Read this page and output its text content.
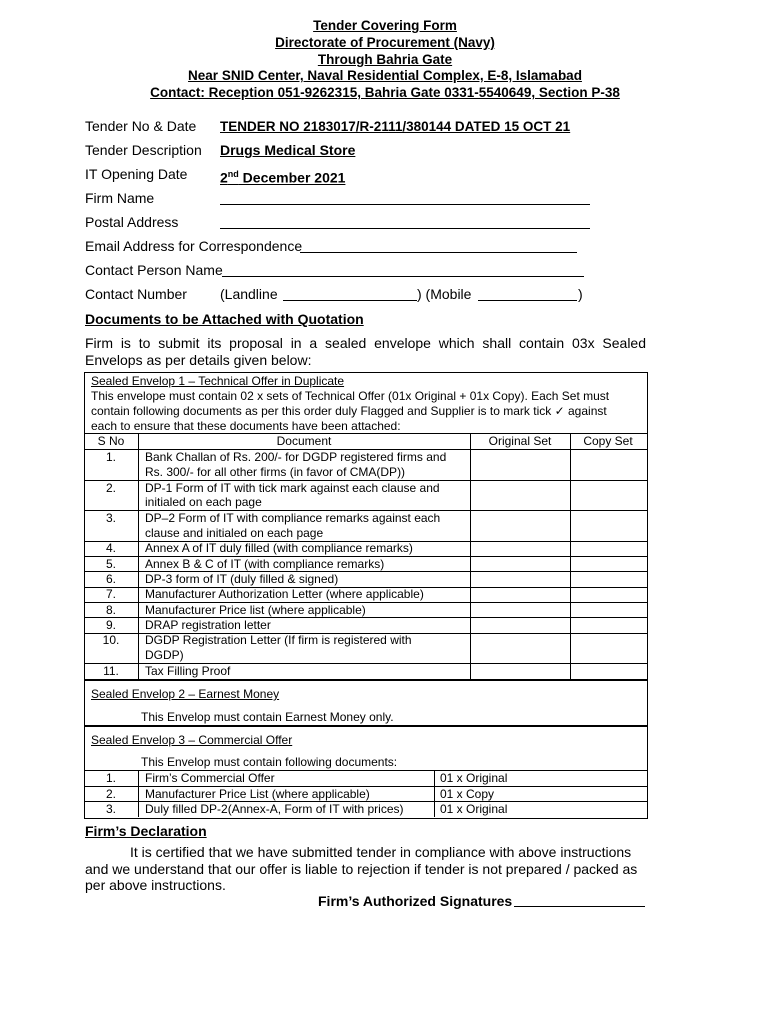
Tender Covering Form
Directorate of Procurement (Navy)
Through Bahria Gate
Near SNID Center, Naval Residential Complex, E-8, Islamabad
Contact: Reception 051-9262315, Bahria Gate 0331-5540649, Section P-38
Tender No & Date TENDER NO 2183017/R-2111/380144 DATED 15 OCT 21
Tender Description Drugs Medical Store
IT Opening Date 2nd December 2021
Firm Name
Postal Address
Email Address for Correspondence
Contact Person Name
Contact Number (Landline	) (Mobile	)
Documents to be Attached with Quotation
Firm is to submit its proposal in a sealed envelope which shall contain 03x Sealed Envelops as per details given below:
Sealed Envelop 1 – Technical Offer in Duplicate
This envelope must contain 02 x sets of Technical Offer (01x Original + 01x Copy). Each Set must
contain following documents as per this order duly Flagged and Supplier is to mark tick ✓ against
each to ensure that these documents have been attached:
S No	Document	Original Set	Copy Set
1.	Bank Challan of Rs. 200/- for DGDP registered firms and
Rs. 300/- for all other firms (in favor of CMA(DP))
2.	DP-1 Form of IT with tick mark against each clause and
initialed on each page
3.	DP–2 Form of IT with compliance remarks against each
clause and initialed on each page
4.	Annex A of IT duly filled (with compliance remarks)
5.	Annex B & C of IT (with compliance remarks)
6.	DP-3 form of IT (duly filled & signed)
7.	Manufacturer Authorization Letter (where applicable)
8.	Manufacturer Price list (where applicable)
9.	DRAP registration letter
10.	DGDP Registration Letter (If firm is registered with
DGDP)
11.	Tax Filling Proof
Sealed Envelop 2 – Earnest Money
This Envelop must contain Earnest Money only.
Sealed Envelop 3 – Commercial Offer
This Envelop must contain following documents:
1.	Firm’s Commercial Offer	01 x Original
2.	Manufacturer Price List (where applicable)	01 x Copy
3.	Duly filled DP-2(Annex-A, Form of IT with prices)	01 x Original
Firm’s Declaration
It is certified that we have submitted tender in compliance with above instructions
and we understand that our offer is liable to rejection if tender is not prepared / packed as
per above instructions.
Firm’s Authorized Signatures
